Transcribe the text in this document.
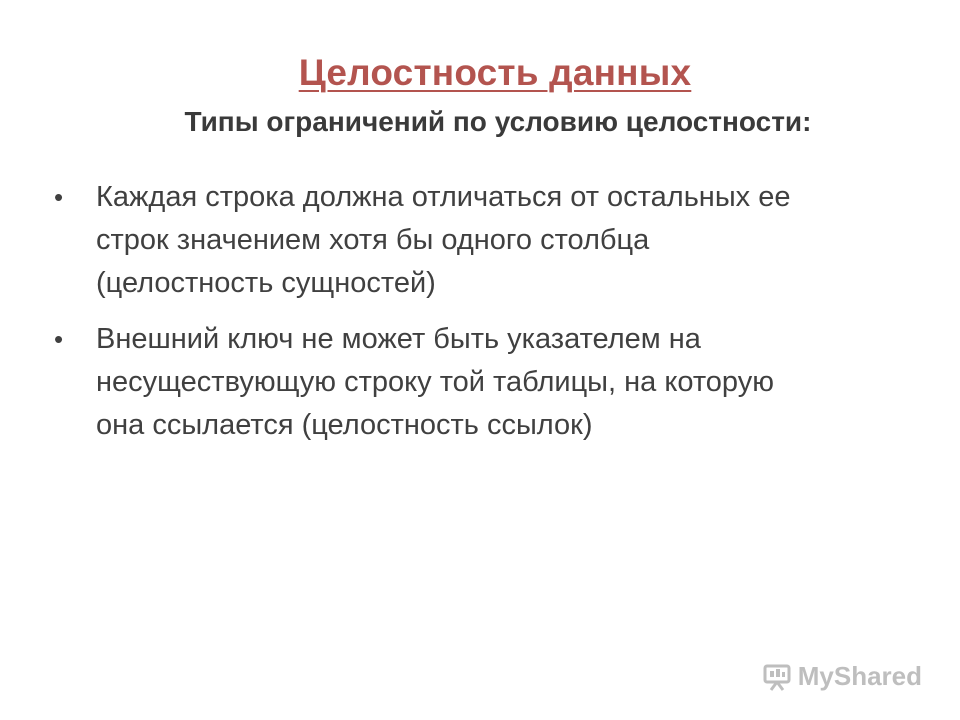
Целостность данных
Типы ограничений по условию целостности:
•	Каждая строка должна отличаться от остальных ее
строк значением хотя бы одного столбца
(целостность сущностей)
•	Внешний ключ не может быть указателем на
несуществующую строку той таблицы, на которую
она ссылается (целостность ссылок)
MyShared
